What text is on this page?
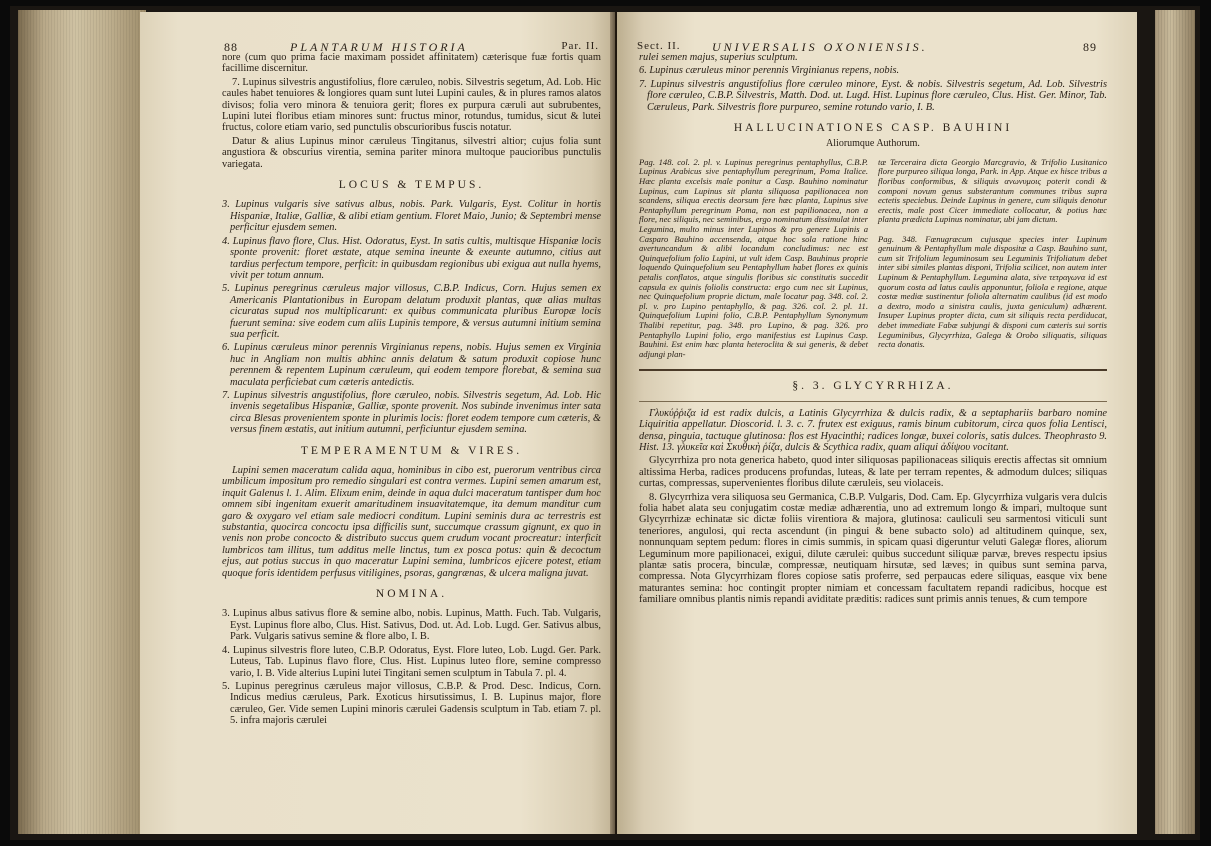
88	PLANTARUM HISTORIA	Par. II.

nore (cum quo prima facie maximam possidet affinitatem) cæterisque fuæ fortis quam facillime discernitur.

7. Lupinus silvestris angustifolius, flore cæruleo, nobis. Silvestris segetum, Ad. Lob. Hic caules habet tenuiores & longiores quam sunt lutei Lupini caules, & in plures ramos alatos divisos; folia vero minora & tenuiora gerit; flores ex purpura cæruli aut subrubentes, Lupini lutei floribus etiam minores sunt: fructus minor, rotundus, tumidus, sicut & lutei fructus, colore etiam vario, sed punctulis obscurioribus fuscis notatur.

Datur & alius Lupinus minor cæruleus Tingitanus, silvestri altior; cujus folia sunt angustiora & obscurius virentia, semina pariter minora multoque paucioribus punctulis variegata.

LOCUS & TEMPUS.

3. Lupinus vulgaris sive sativus albus, nobis. Park. Vulgaris, Eyst. Colitur in hortis Hispaniæ, Italiæ, Galliæ, & alibi etiam gentium. Floret Maio, Junio; & Septembri mense perficitur ejusdem semen.

4. Lupinus flavo flore, Clus. Hist. Odoratus, Eyst. In satis cultis, multisque Hispaniæ locis sponte provenit: floret æstate, atque semina ineunte & exeunte autumno, citius aut tardius perfectum tempore, perficit: in quibusdam regionibus ubi exigua aut nulla hyems, vivit per totum annum.

5. Lupinus peregrinus cæruleus major villosus, C.B.P. Indicus, Corn. Hujus semen ex Americanis Plantationibus in Europam delatum produxit plantas, quæ alias multas cicuratas supud nos multiplicarunt: ex quibus communicata pluribus Europæ locis fuerunt semina: sive eodem cum aliis Lupinis tempore, & versus autumni initium semina sua perficit.

6. Lupinus cæruleus minor perennis Virginianus repens, nobis. Hujus semen ex Virginia huc in Angliam non multis abhinc annis delatum & satum produxit copiose hunc perennem & repentem Lupinum cæruleum, qui eodem tempore florebat, & semina sua maculata perficiebat cum cæteris antedictis.

7. Lupinus silvestris angustifolius, flore cæruleo, nobis. Silvestris segetum, Ad. Lob. Hic invenis segetalibus Hispaniæ, Galliæ, sponte provenit. Nos subinde invenimus inter sata circa Blesas provenientem sponte in plurimis locis: floret eodem tempore cum cæteris, & versus finem æstatis, aut initium autumni, perficiuntur ejusdem semina.

TEMPERAMENTUM & VIRES.

Lupini semen maceratum calida aqua, hominibus in cibo est, puerorum ventribus circa umbilicum impositum pro remedio singulari est contra vermes. Lupini semen amarum est, inquit Galenus l. 1. Alim. Elixum enim, deinde in aqua dulci maceratum tantisper dum hoc omnem sibi ingenitam exuerit amaritudinem insuavitatemque, ita demum manditur cum garo & oxygaro vel etiam sale mediocri conditum. Lupini seminis dura ac terrestris est substantia, quocirca concoctu ipsa difficilis sunt, succumque crassum gignunt, ex quo in venis non probe concocto & distributo succus quem crudum vocant procreatur: interficit lumbricos tam illitus, tum additus melle linctus, tum ex posca potus: quin & decoctum ejus, aut potius succus in quo maceratur Lupini semina, lumbricos ejicere potest, etiam quoque foris identidem perfusus vitiligines, psoras, gangrænas, & ulcera maligna juvat.

NOMINA.

3. Lupinus albus sativus flore & semine albo, nobis. Lupinus, Matth. Fuch. Tab. Vulgaris, Eyst. Lupinus flore albo, Clus. Hist. Sativus, Dod. ut. Ad. Lob. Lugd. Ger. Sativus albus, Park. Vulgaris sativus semine & flore albo, I. B.

4. Lupinus silvestris flore luteo, C.B.P. Odoratus, Eyst. Flore luteo, Lob. Lugd. Ger. Park. Luteus, Tab. Lupinus flavo flore, Clus. Hist. Lupinus luteo flore, semine compresso vario, I. B. Vide alterius Lupini lutei Tingitani semen sculptum in Tabula 7. pl. 4.

5. Lupinus peregrinus cæruleus major villosus, C.B.P. & Prod. Desc. Indicus, Corn. Indicus medius cæruleus, Park. Exoticus hirsutissimus, I. B. Lupinus major, flore cæruleo, Ger. Vide semen Lupini minoris cærulei Gadensis sculptum in Tab. etiam 7. pl. 5. infra majoris cærulei

Sect. II.	UNIVERSALIS OXONIENSIS.	89

rulei semen majus, superius sculptum.

6. Lupinus cæruleus minor perennis Virginianus repens, nobis.

7. Lupinus silvestris angustifolius flore cæruleo minore, Eyst. & nobis. Silvestris segetum, Ad. Lob. Silvestris flore cæruleo, C.B.P. Silvestris, Matth. Dod. ut. Lugd. Hist. Lupinus flore cæruleo, Clus. Hist. Ger. Minor, Tab. Cæruleus, Park. Silvestris flore purpureo, semine rotundo vario, I. B.

HALLUCINATIONES CASP. BAUHINI
Aliorumque Authorum.
Pag. 148. col. 2. pl. v. Lupinus peregrinus pentaphyllus, C.B.P. Lupinus Arabicus sive pentaphyllum peregrinum, Poma Italice. Hæc planta excelsis male ponitur a Casp. Bauhino nominatur Lupinus, cum Lupinus sit planta siliquosa papilionacea non scandens, siliqua erectis deorsum fere hæc planta, Lupinus sive Pentaphyllum peregrinum Poma, non est papilionacea, non a flore, nec siliquis, nec seminibus, ergo nominatum dissimulat inter Legumina, multo minus inter Lupinos & pro genere Lupinis a Casparo Bauhino accensenda, atque hoc sola ratione hinc avertuncandum & alibi locandum concludimus: nec est Quinquefolium folio Lupini, ut vult idem Casp. Bauhinus proprie loquendo Quinquefolium seu Pentaphyllum habet flores ex quinis petalis conflatos, atque singulis floribus sic constitutis succedit capsula ex quinis foliolis constructa: ergo cum nec sit Lupinus, nec Quinquefolium proprie dictum, male locatur pag. 348. col. 2. pl. v. pro Lupino pentaphyllo, & pag. 326. col. 2. pl. 11. Quinquefolium Lupini folio, C.B.P. Pentaphyllum Synonymum Thalibi repetitur, pag. 348. pro Lupino, & pag. 326. pro Pentaphyllo Lupini folio, ergo manifestius est Lupinus Casp. Bauhini. Est enim hæc planta heteroclita & sui generis, & debet adjungi plan-
tæ Terceraira dicta Georgio Marcgravio, & Trifolio Lusitanico flore purpureo siliqua longa, Park. in App. Atque ex hisce tribus a floribus conformibus, & siliquis ανωνυμοις poterit condi & componi novum genus substerantum communes tribus supra ectetis speciebus. Deinde Lupinus in genere, cum siliquis denotur erectis, male post Cicer immediate collocatur, & potius hæc planta prædicta Lupinus nominatur, ubi jam dictum.

Pag. 348. Fænugræcum cujusque species inter Lupinum genuinum & Pentaphyllum male dispositæ a Casp. Bauhino sunt, cum sit Trifolium leguminosum seu Leguminis Trifoliatum debet inter sibi similes plantas disponi, Trifolia scilicet, non autem inter Lupinum & Pentaphyllum. Legumina alata, sive τετραγωνα id est quorum costa ad latus caulis apponuntur, foliola e regione, atque costæ mediæ sustinentur foliola alternatim caulibus (id est modo a dextro, modo a sinistra caulis, juxta geniculum) adhærent. Insuper Lupinus propter dicta, cum sit siliquis recta perdiducat, debet immediate Fabæ subjungi & disponi cum cæteris sui sortis Leguminibus, Glycyrrhiza, Galega & Orobo siliquatis, siliquas recta donatis.
§. 3. GLYCYRRHIZA.

Γλυκύῤῥιζα id est radix dulcis, a Latinis Glycyrrhiza & dulcis radix, & a septaphariis barbaro nomine Liquiritia appellatur. Dioscorid. l. 3. c. 7. frutex est exiguus, ramis binum cubitorum, circa quos folia Lentisci, densa, pinguia, tactuque glutinosa: flos est Hyacinthi; radices longæ, buxei coloris, satis dulces. Theophrasto 9. Hist. 13. γλυκεῖα καὶ Σκυθικὴ ῥίζα, dulcis & Scythica radix, quam aliqui ἀδίψου vocitant.

Glycyrrhiza pro nota generica habeto, quod inter siliquosas papilionaceas siliquis erectis affectas sit omnium altissima Herba, radices producens profundas, luteas, & late per terram repentes, & admodum dulces; siliquas curtas, compressas, supervenientes floribus dilute cæruleis, seu violaceis.

8. Glycyrrhiza vera siliquosa seu Germanica, C.B.P. Vulgaris, Dod. Cam. Ep. Glycyrrhiza vulgaris vera dulcis folia habet alata seu conjugatim costæ mediæ adhærentia, uno ad extremum longo & impari, multoque sunt Glycyrrhizæ echinatæ sic dictæ foliis virentiora & majora, glutinosa: cauliculi seu sarmentosi viticuli sunt teneriores, angulosi, qui recta ascendunt (in pingui & bene subacto solo) ad altitudinem quinque, sex, nonnunquam septem pedum: flores in cimis summis, in spicam quasi digeruntur veluti Galegæ flores, aliorum Leguminum more papilionacei, exigui, dilute cærulei: quibus succedunt siliquæ parvæ, breves respectu ipsius plantæ satis procera, binculæ, compressæ, neutiquam hirsutæ, sed læves; in quibus sunt semina parva, compressa. Nota Glycyrrhizam flores copiose satis proferre, sed perpaucas edere siliquas, easque vix bene maturantes semina: hoc contingit propter nimiam et concessam facultatem repandi radicibus, hocque est familiare omnibus plantis nimis repandi aviditate præditis: radices sunt primis annis tenues, & cum tempore
